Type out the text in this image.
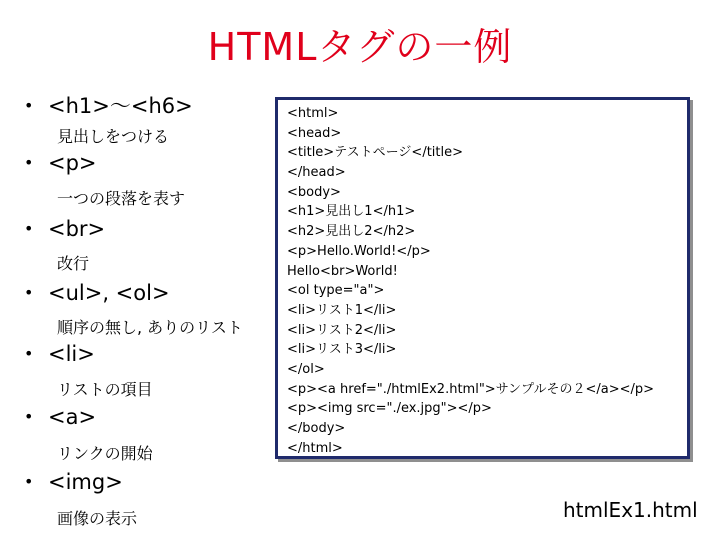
HTMLタグの一例
• <h1>～<h6>
見出しをつける
• <p>
一つの段落を表す
• <br>
改行
• <ul>, <ol>
順序の無し, ありのリスト
• <li>
リストの項目
• <a>
リンクの開始
• <img>
画像の表示
<html>
<head>
<title>テストページ</title>
</head>
<body>
<h1>見出し1</h1>
<h2>見出し2</h2>
<p>Hello.World!</p>
Hello<br>World!
<ol type="a">
<li>リスト1</li>
<li>リスト2</li>
<li>リスト3</li>
</ol>
<p><a href="./htmlEx2.html">サンプルその２</a></p>
<p><img src="./ex.jpg"></p>
</body>
</html>
htmlEx1.html
